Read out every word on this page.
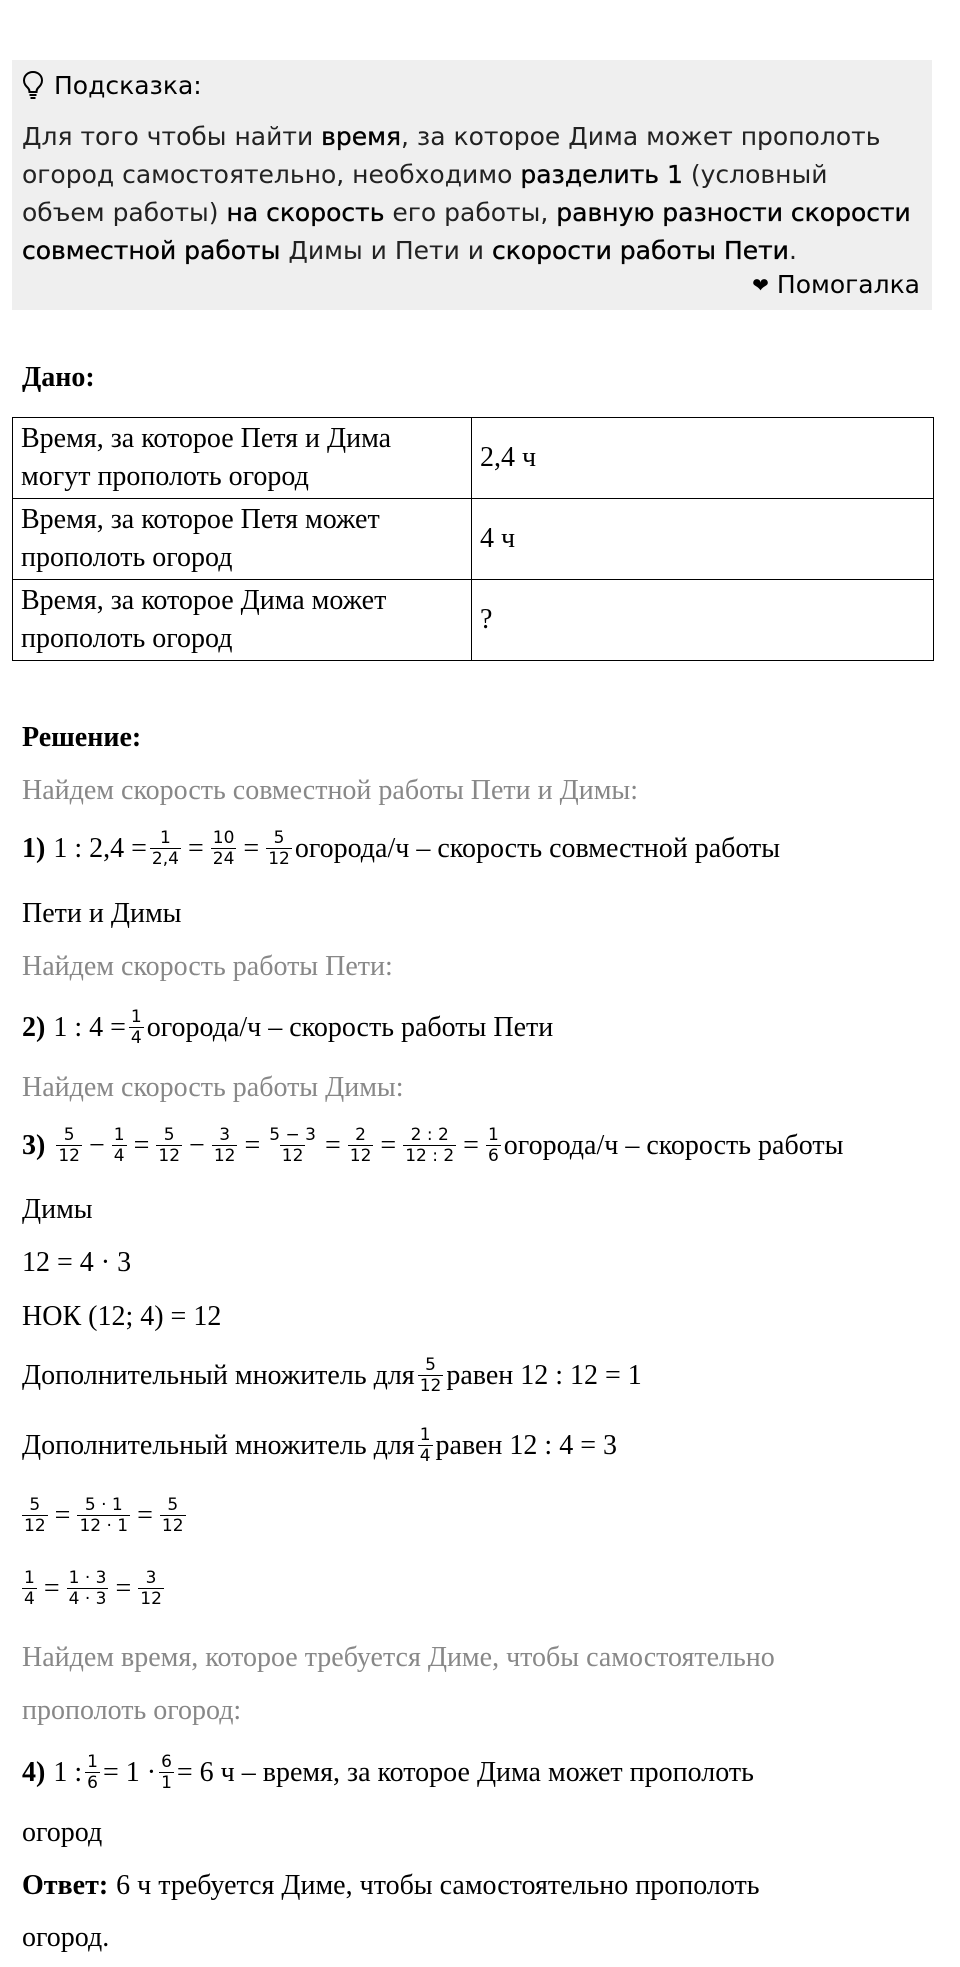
Подсказка:

Для того чтобы найти время, за которое Дима может прополоть огород самостоятельно, необходимо разделить 1 (условный объем работы) на скорость его работы, равную разности скорости совместной работы Димы и Пети и скорости работы Пети.

❤ Помогалка
Дано:
Время, за которое Петя и Дима могут прополоть огород	2,4 ч
Время, за которое Петя может прополоть огород	4 ч
Время, за которое Дима может прополоть огород	?
Решение:
Найдем скорость совместной работы Пети и Димы:
1) 1 : $2,4 = \frac{1}{2,4} = \frac{10}{24} = \frac{5}{12}$ огорода/ч – скорость совместной работы
Пети и Димы
Найдем скорость работы Пети:
2) 1 : $4 = \frac{1}{4}$ огорода/ч – скорость работы Пети
Найдем скорость работы Димы:
$3) \frac{5}{12} - \frac{1}{4} = \frac{5}{12} - \frac{3}{12} = \frac{5 - 3}{12} = \frac{2}{12} = \frac{2 : 2}{12 : 2} = \frac{1}{6}$ огорода/ч – скорость работы
Димы
12 = 4 · 3
НОК (12; 4) = 12
Дополнительный множитель для $\frac{5}{12}$ равен 12 : 12 = 1
Дополнительный множитель для $\frac{1}{4}$ равен 12 : 4 = 3
$\frac{5}{12} = \frac{5 \cdot 1}{12 \cdot 1} = \frac{5}{12}$
$\frac{1}{4} = \frac{1 \cdot 3}{4 \cdot 3} = \frac{3}{12}$
Найдем время, которое требуется Диме, чтобы самостоятельно
прополоть огород:
4) 1 : $\frac{1}{6} = 1 \cdot \frac{6}{1} = 6$ ч – время, за которое Дима может прополоть
огород
Ответ: 6 ч требуется Диме, чтобы самостоятельно прополоть
огород.
